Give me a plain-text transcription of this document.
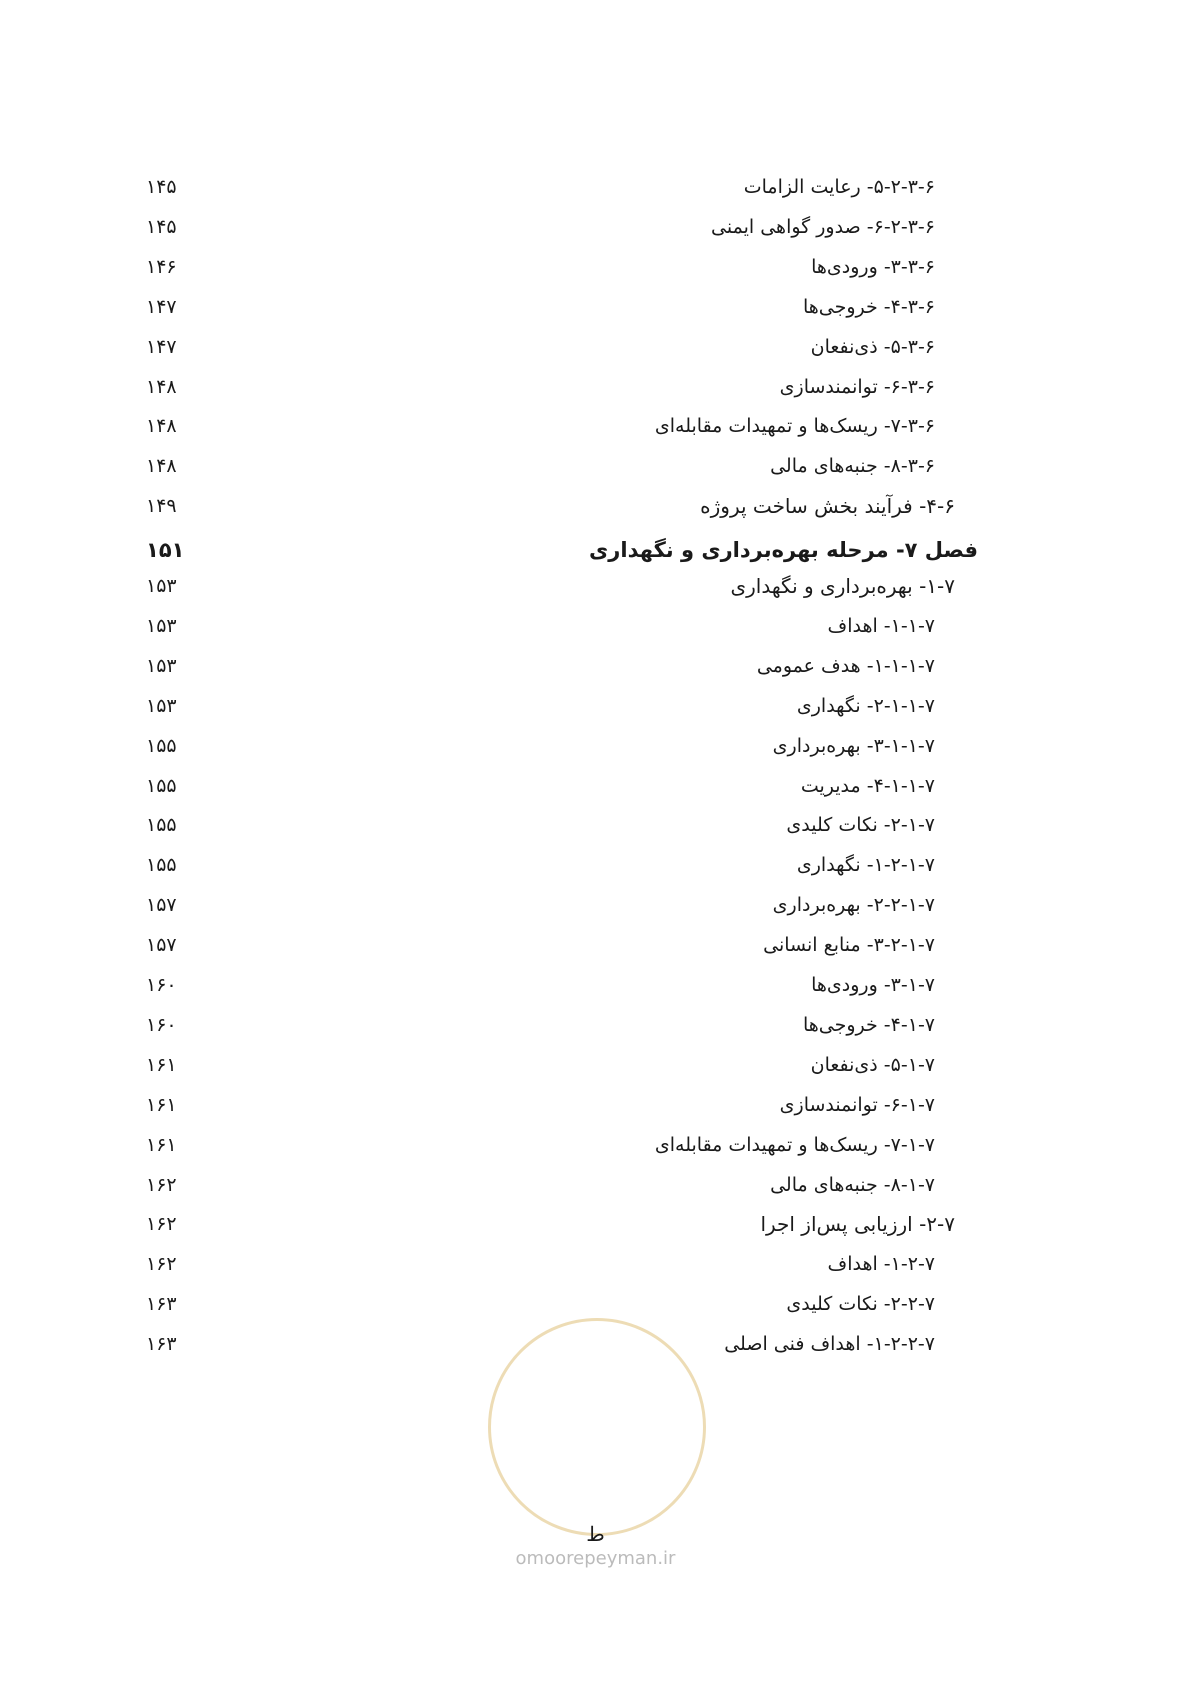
۵-۲-۳-۶- رعایت الزامات
۱۴۵
۶-۲-۳-۶- صدور گواهی ایمنی
۱۴۵
۳-۳-۶- ورودی‌ها
۱۴۶
۴-۳-۶- خروجی‌ها
۱۴۷
۵-۳-۶- ذی‌نفعان
۱۴۷
۶-۳-۶- توانمندسازی
۱۴۸
۷-۳-۶- ریسک‌ها و تمهیدات مقابله‌ای
۱۴۸
۸-۳-۶- جنبه‌های مالی
۱۴۸
۴-۶- فرآیند بخش ساخت پروژه
۱۴۹
فصل ۷- مرحله بهره‌برداری و نگهداری
۱۵۱
۱-۷- بهره‌برداری و نگهداری
۱۵۳
۱-۱-۷- اهداف
۱۵۳
۱-۱-۱-۷- هدف عمومی
۱۵۳
۲-۱-۱-۷- نگهداری
۱۵۳
۳-۱-۱-۷- بهره‌برداری
۱۵۵
۴-۱-۱-۷- مدیریت
۱۵۵
۲-۱-۷- نکات کلیدی
۱۵۵
۱-۲-۱-۷- نگهداری
۱۵۵
۲-۲-۱-۷- بهره‌برداری
۱۵۷
۳-۲-۱-۷- منابع انسانی
۱۵۷
۳-۱-۷- ورودی‌ها
۱۶۰
۴-۱-۷- خروجی‌ها
۱۶۰
۵-۱-۷- ذی‌نفعان
۱۶۱
۶-۱-۷- توانمندسازی
۱۶۱
۷-۱-۷- ریسک‌ها و تمهیدات مقابله‌ای
۱۶۱
۸-۱-۷- جنبه‌های مالی
۱۶۲
۲-۷- ارزیابی پس‌از اجرا
۱۶۲
۱-۲-۷- اهداف
۱۶۲
۲-۲-۷- نکات کلیدی
۱۶۳
۱-۲-۲-۷- اهداف فنی اصلی
۱۶۳
ط
omoorepeyman.ir
